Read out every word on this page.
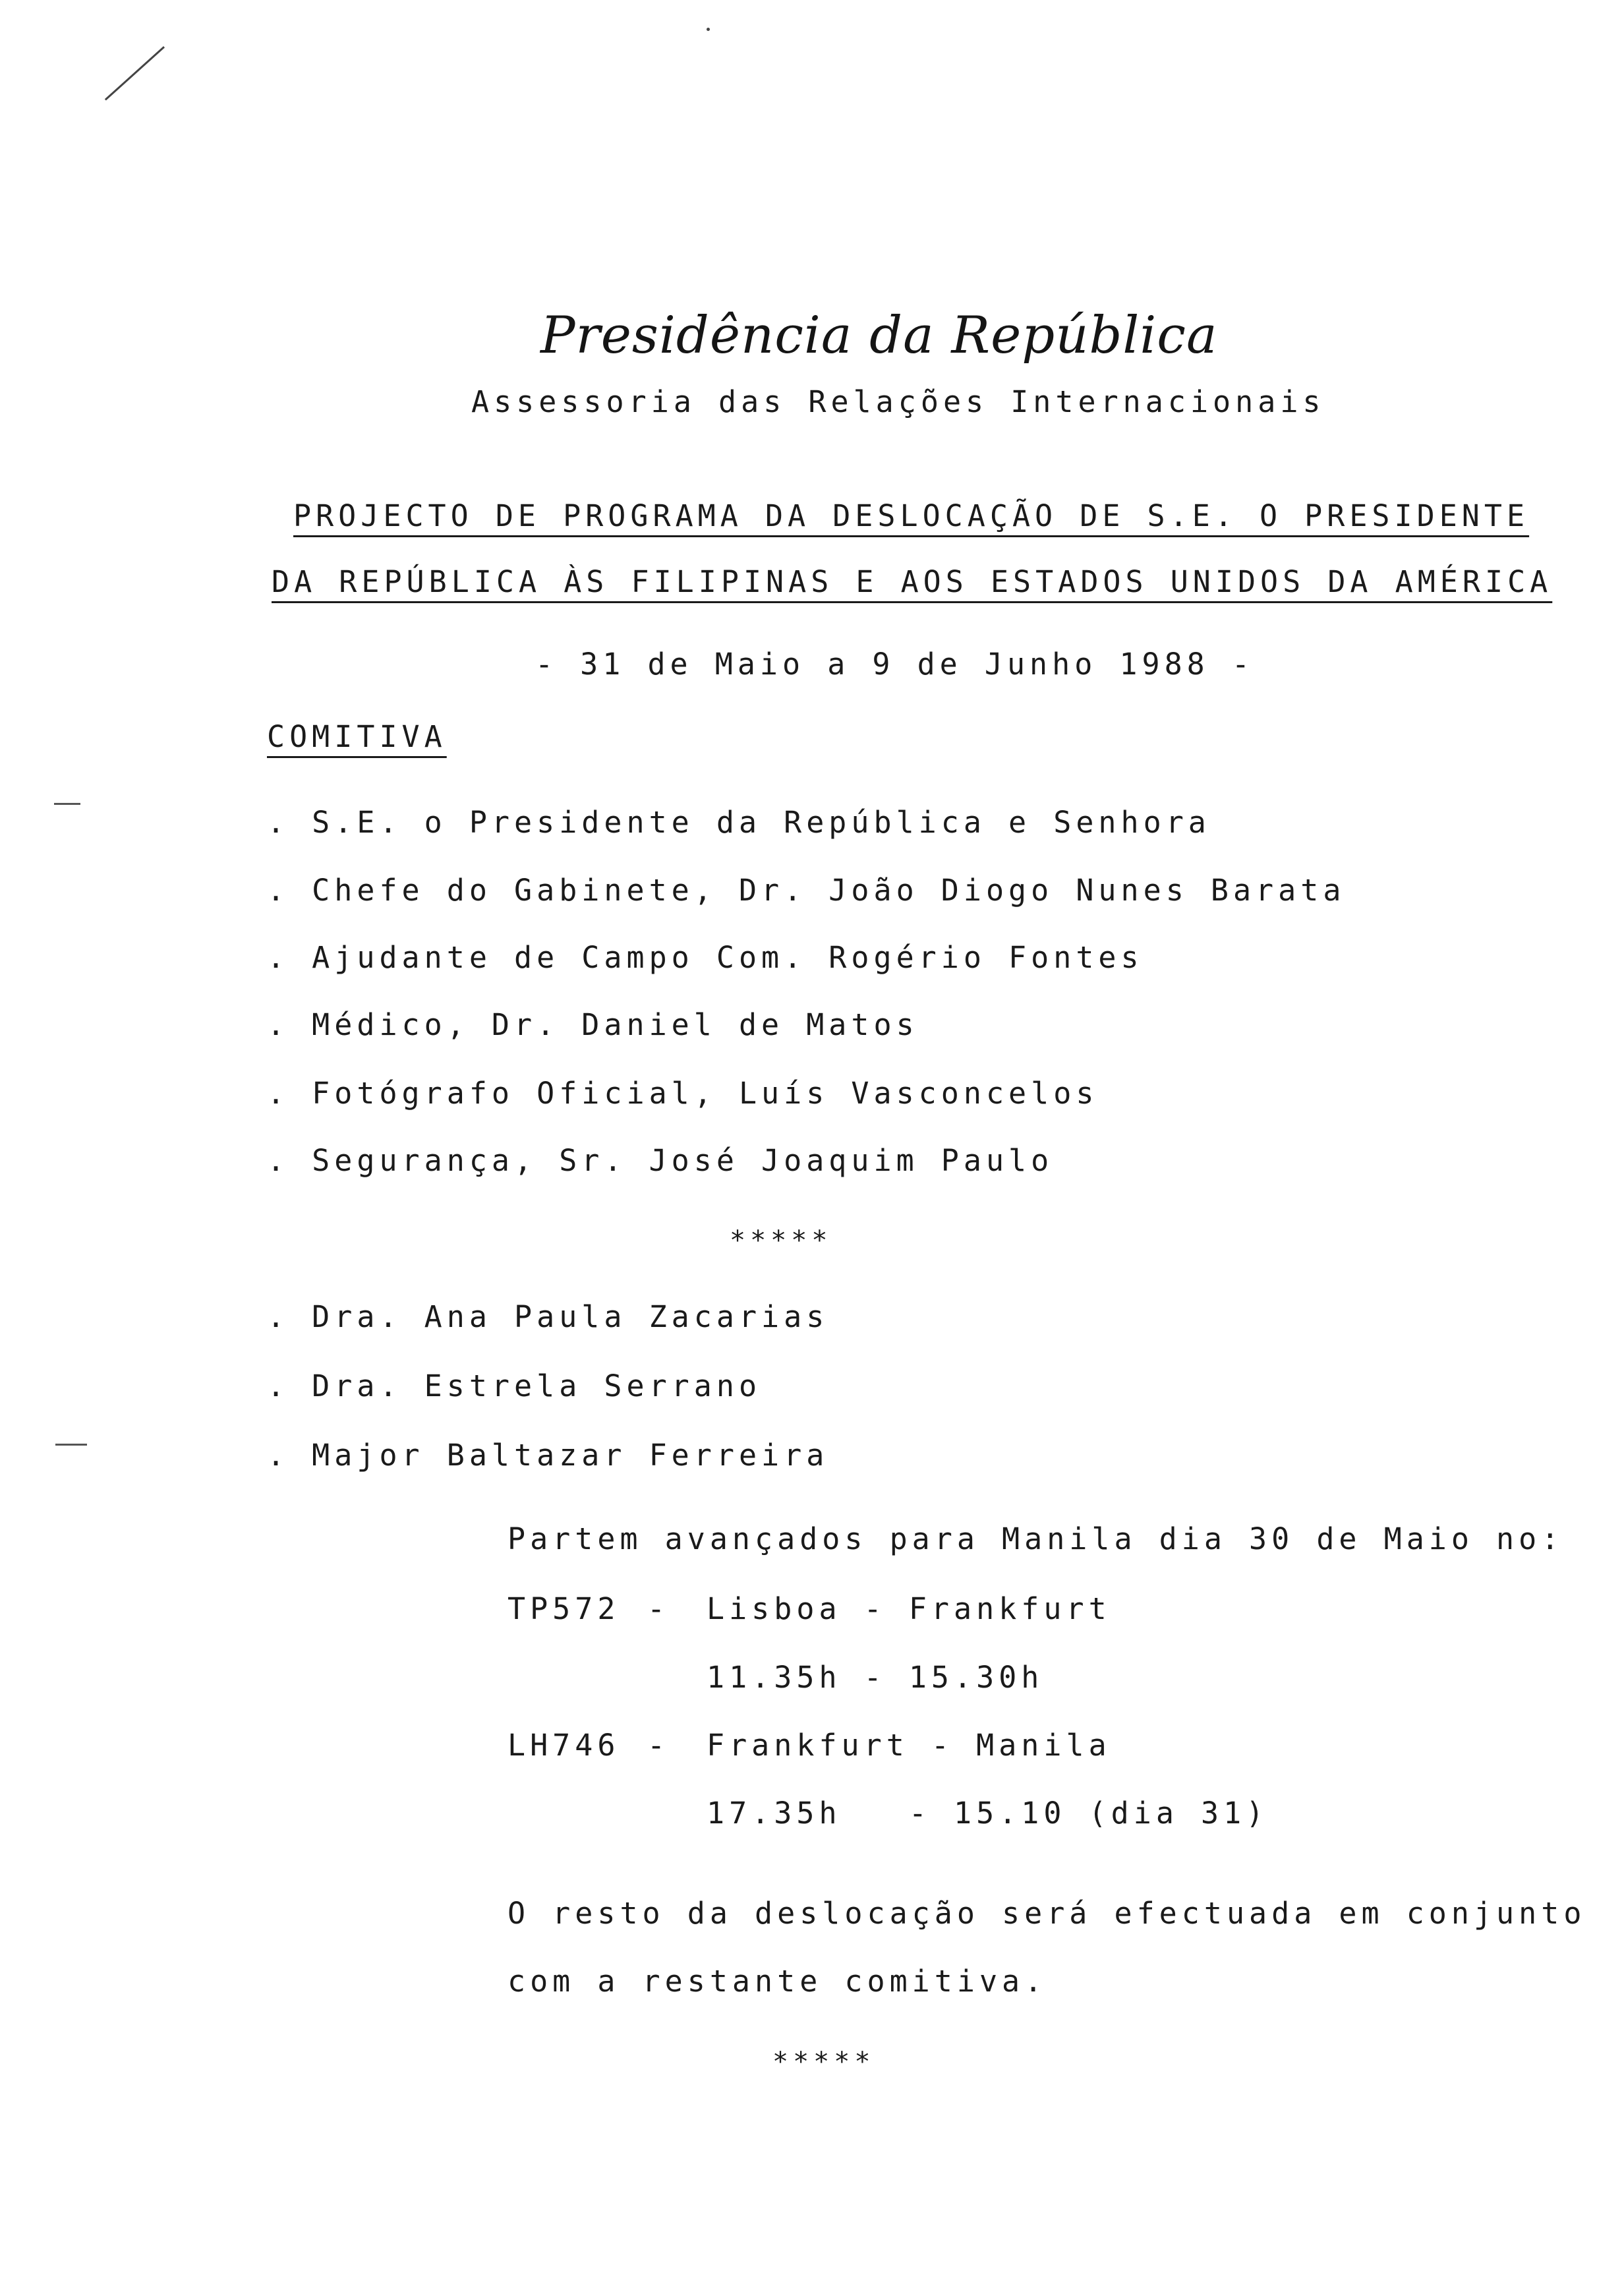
Presidência da República
Assessoria das Relações Internacionais
PROJECTO DE PROGRAMA DA DESLOCAÇÃO DE S.E. O PRESIDENTE
DA REPÚBLICA ÀS FILIPINAS E AOS ESTADOS UNIDOS DA AMÉRICA
- 31 de Maio a 9 de Junho 1988 -
COMITIVA
. S.E. o Presidente da República e Senhora
. Chefe do Gabinete, Dr. João Diogo Nunes Barata
. Ajudante de Campo Com. Rogério Fontes
. Médico, Dr. Daniel de Matos
. Fotógrafo Oficial, Luís Vasconcelos
. Segurança, Sr. José Joaquim Paulo
*****
. Dra. Ana Paula Zacarias
. Dra. Estrela Serrano
. Major Baltazar Ferreira
Partem avançados para Manila dia 30 de Maio no:
TP572 - Lisboa - Frankfurt
11.35h - 15.30h
LH746 - Frankfurt - Manila
17.35h   - 15.10 (dia 31)
O resto da deslocação será efectuada em conjunto
com a restante comitiva.
*****
